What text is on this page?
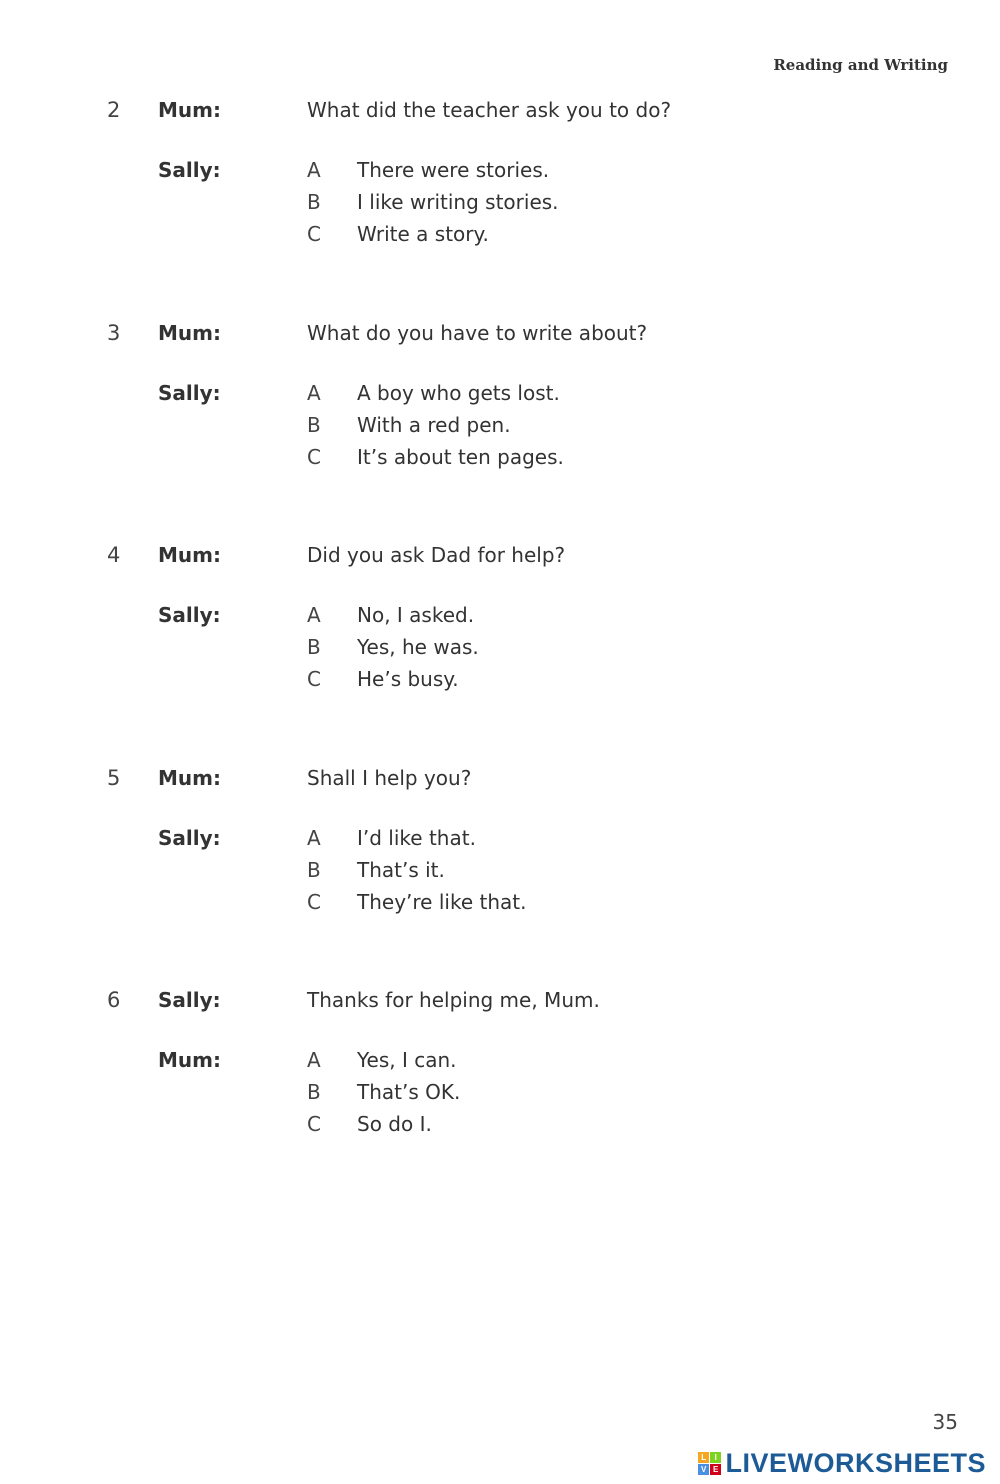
Reading and Writing
2 Mum:	What did the teacher ask you to do?
Sally:	A There were stories.
B I like writing stories.
C Write a story.
3 Mum:	What do you have to write about?
Sally:	A A boy who gets lost.
B With a red pen.
C It’s about ten pages.
4 Mum:	Did you ask Dad for help?
Sally:	A No, I asked.
B Yes, he was.
C He’s busy.
5 Mum:	Shall I help you?
Sally:	A I’d like that.
B That’s it.
C They’re like that.
6 Sally:	Thanks for helping me, Mum.
Mum:	A Yes, I can.
B That’s OK.
C So do I.
35
L I
V E LIVEWORKSHEETS
